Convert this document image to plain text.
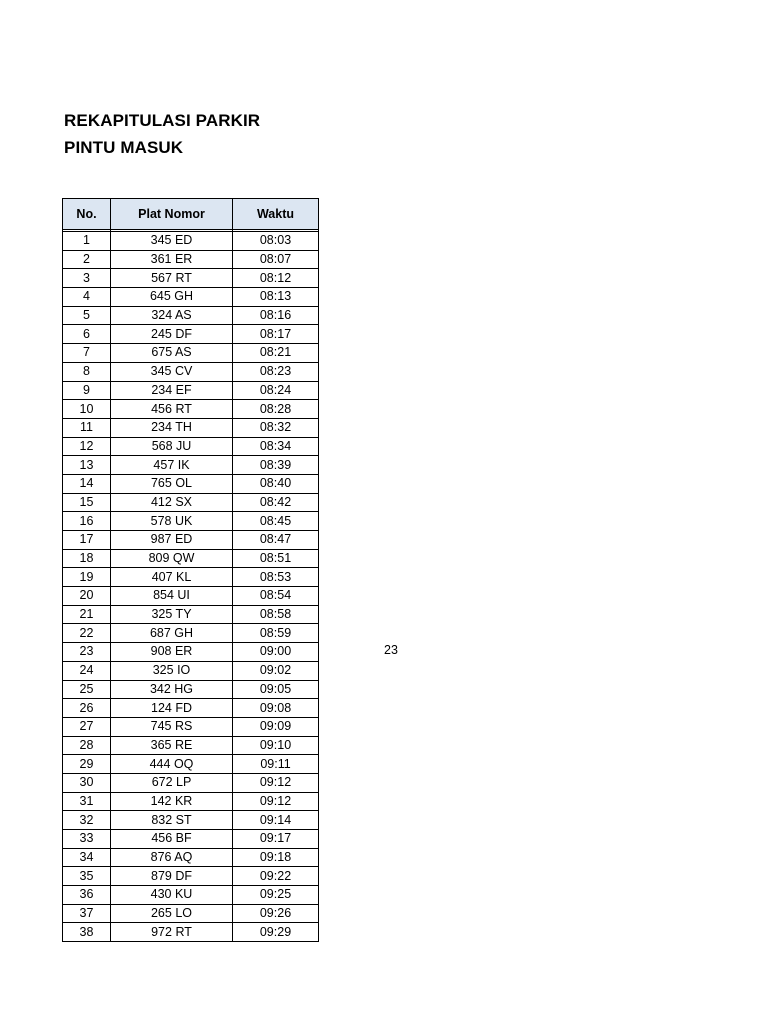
REKAPITULASI PARKIR
PINTU MASUK
No.	Plat Nomor	Waktu

1	345 ED	08:03
2	361 ER	08:07
3	567 RT	08:12
4	645 GH	08:13
5	324 AS	08:16
6	245 DF	08:17
7	675 AS	08:21
8	345 CV	08:23
9	234 EF	08:24
10	456 RT	08:28
11	234 TH	08:32
12	568 JU	08:34
13	457 IK	08:39
14	765 OL	08:40
15	412 SX	08:42
16	578 UK	08:45
17	987 ED	08:47
18	809 QW	08:51
19	407 KL	08:53
20	854 UI	08:54
21	325 TY	08:58
22	687 GH	08:59
23	908 ER	09:00
24	325 IO	09:02
25	342 HG	09:05
26	124 FD	09:08
27	745 RS	09:09
28	365 RE	09:10
29	444 OQ	09:11
30	672 LP	09:12
31	142 KR	09:12
32	832 ST	09:14
33	456 BF	09:17
34	876 AQ	09:18
35	879 DF	09:22
36	430 KU	09:25
37	265 LO	09:26
38	972 RT	09:29
23
